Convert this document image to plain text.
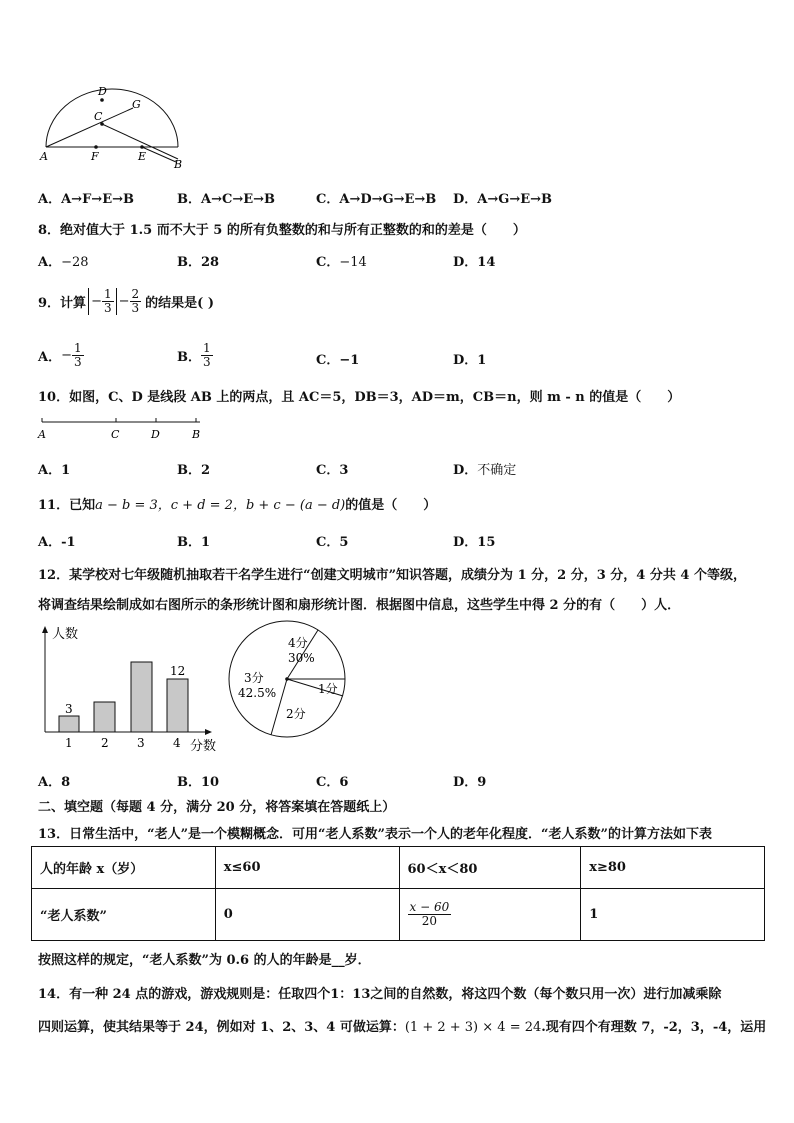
D
G
C
A	F	E
B
A．A→F→E→B	B．A→C→E→B	C．A→D→G→E→B D．A→G→E→B
8．绝对值大于 1.5 而不大于 5 的所有负整数的和与所有正整数的和的差是（　　）
A．−28	B．28	C．−14	D．14
9． 计算 − $\frac{1}{3} - \frac{2}{3}$ 的结果是( )
A． − $\frac{1}{3}$	B． $\frac{1}{3}$	C．−1	D．1
10．如图，C、D 是线段 AB 上的两点，且 AC＝5，DB＝3，AD＝m，CB＝n，则 m - n 的值是（　　）
A	C	D	B
A．1	B．2	C．3	D．不确定
11．已知a − b = 3，c + d = 2，b + c − (a − d)的值是（　　）
A．-1	B．1	C．5	D．15
12．某学校对七年级随机抽取若干名学生进行“创建文明城市”知识答题，成绩分为 1 分，2 分，3 分，4 分共 4 个等级，
将调查结果绘制成如右图所示的条形统计图和扇形统计图．根据图中信息，这些学生中得 2 分的有（　　）人．
人数
分数
3
12
1 2 3 4
4分
30%
3分
42.5%
2分
1分
A．8	B．10	C．6	D．9
二、填空题（每题 4 分，满分 20 分，将答案填在答题纸上）
13．日常生活中，“老人”是一个模糊概念．可用“老人系数”表示一个人的老年化程度．“老人系数”的计算方法如下表
人的年龄 x（岁）	x≤60	60＜x＜80	x≥80
“老人系数”	0	$\frac{x - 60}{20}$	1
按照这样的规定，“老人系数”为 0.6 的人的年龄是__岁．
14．有一种 24 点的游戏，游戏规则是：任取四个1：13之间的自然数，将这四个数（每个数只用一次）进行加减乘除
四则运算，使其结果等于 24，例如对 1、2、3、4 可做运算：(1 + 2 + 3) × 4 = 24.现有四个有理数 7，-2，3，-4，运用
